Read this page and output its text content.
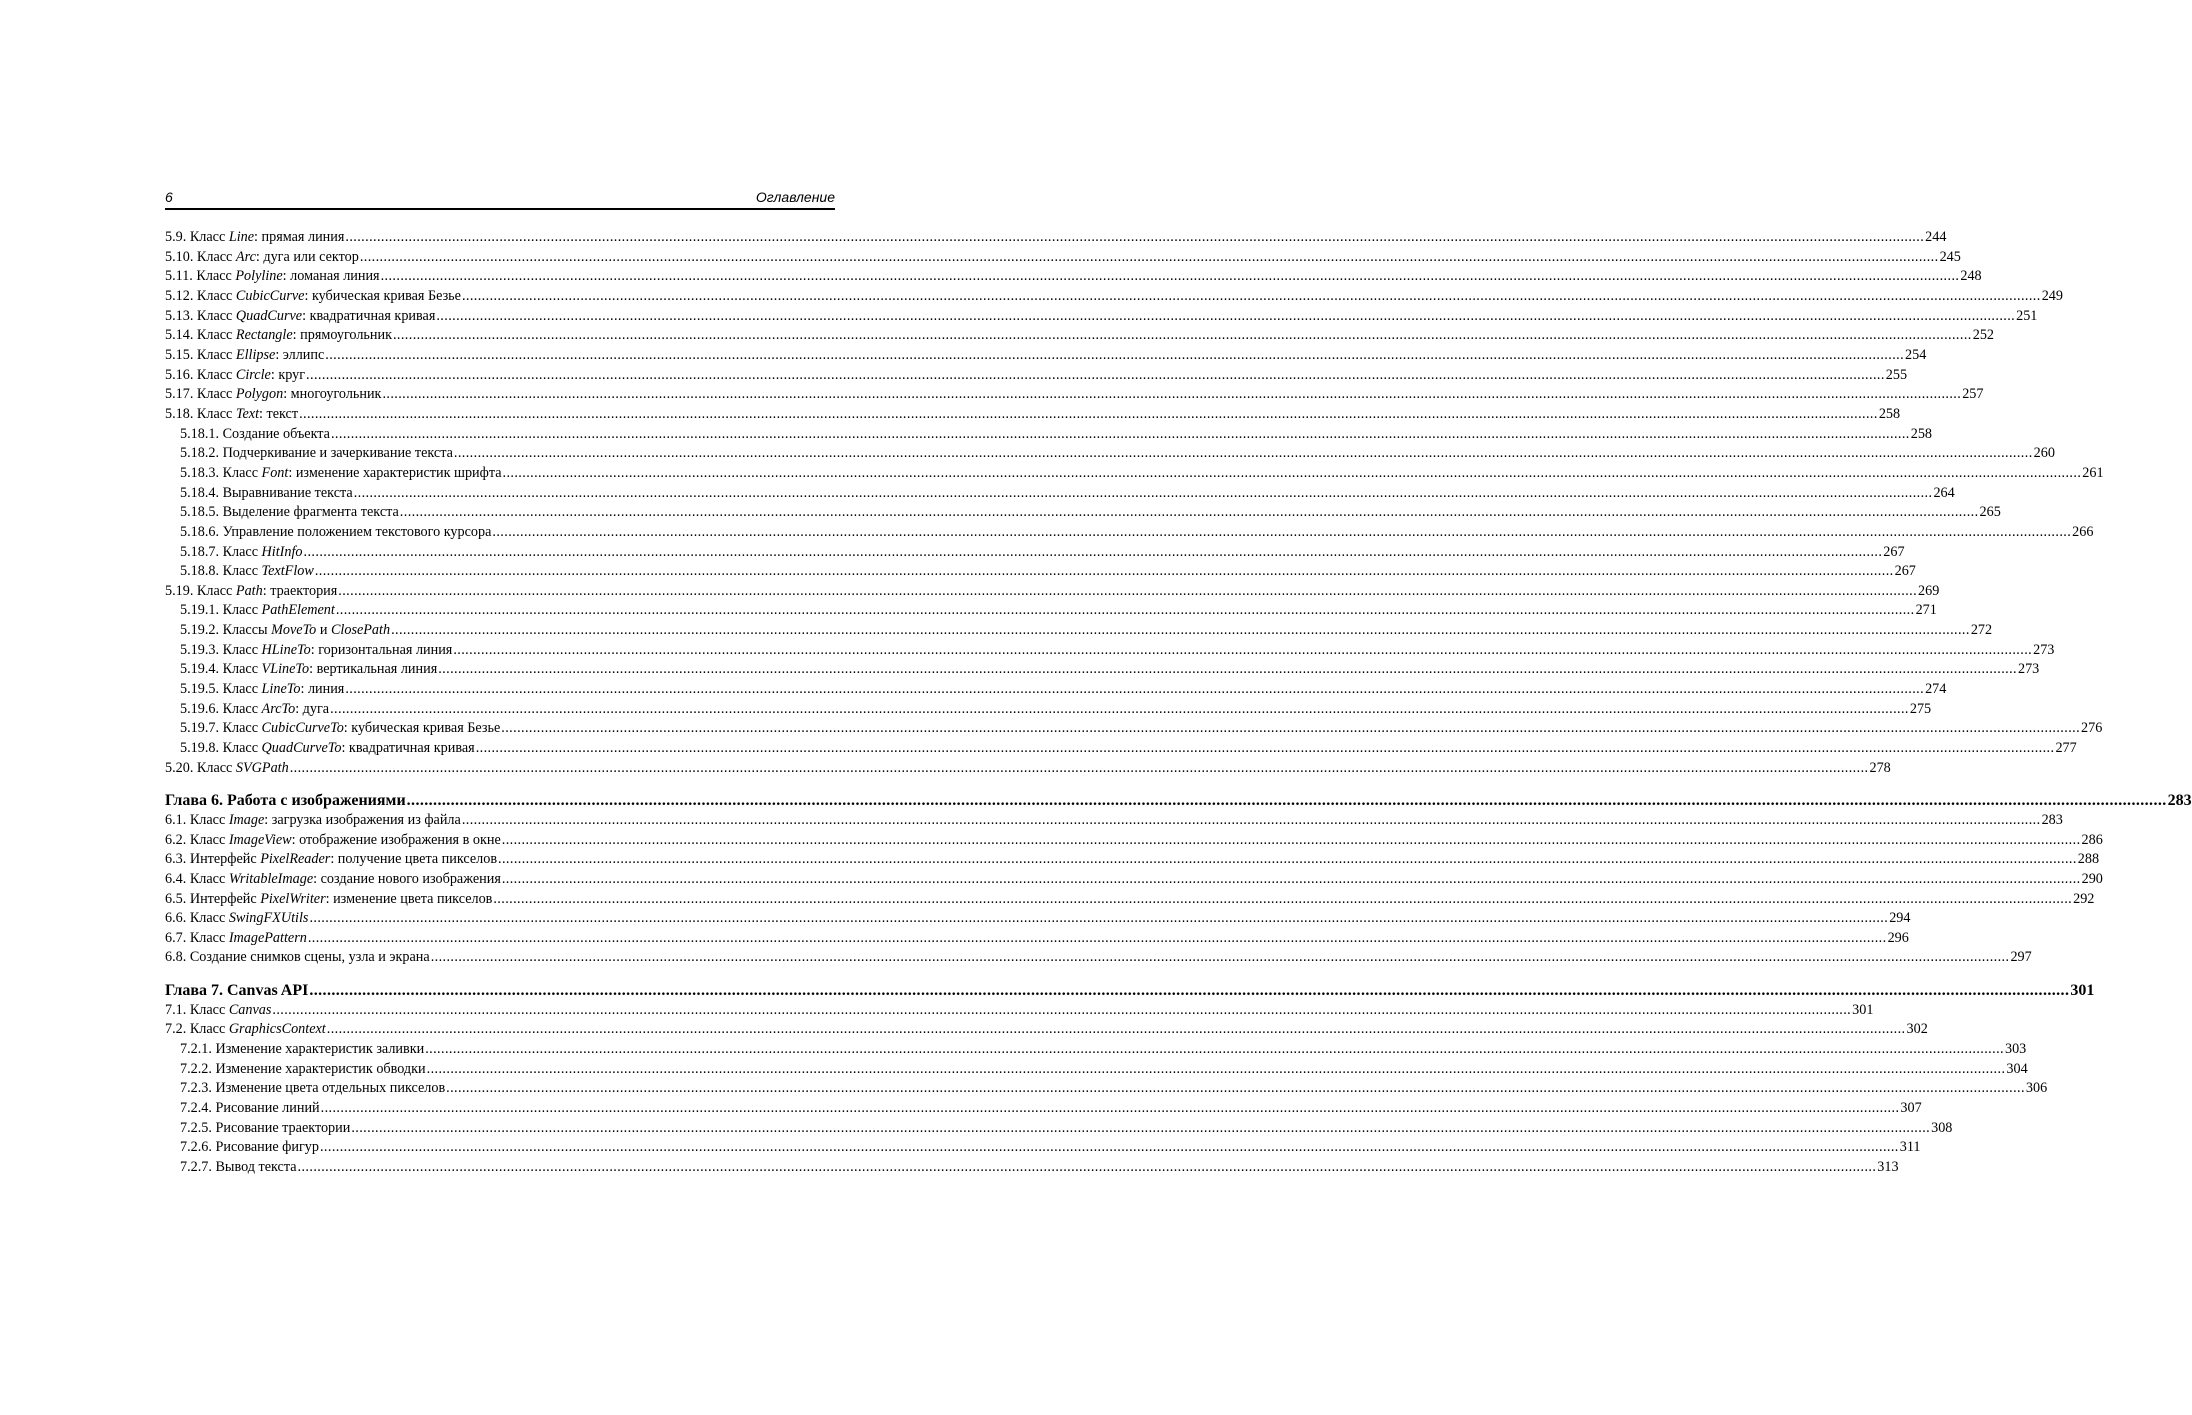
6	Оглавление
5.9. Класс Line: прямая линия ................................................................................................................................................................................................................................................................................................................................................................................................................ 244
5.10. Класс Arc: дуга или сектор ................................................................................................................................................................................................................................................................................................................................................................................................................ 245
5.11. Класс Polyline: ломаная линия ................................................................................................................................................................................................................................................................................................................................................................................................................ 248
5.12. Класс CubicCurve: кубическая кривая Безье ................................................................................................................................................................................................................................................................................................................................................................................................................ 249
5.13. Класс QuadCurve: квадратичная кривая ................................................................................................................................................................................................................................................................................................................................................................................................................ 251
5.14. Класс Rectangle: прямоугольник ................................................................................................................................................................................................................................................................................................................................................................................................................ 252
5.15. Класс Ellipse: эллипс ................................................................................................................................................................................................................................................................................................................................................................................................................ 254
5.16. Класс Circle: круг ................................................................................................................................................................................................................................................................................................................................................................................................................ 255
5.17. Класс Polygon: многоугольник ................................................................................................................................................................................................................................................................................................................................................................................................................ 257
5.18. Класс Text: текст ................................................................................................................................................................................................................................................................................................................................................................................................................ 258
5.18.1. Создание объекта ................................................................................................................................................................................................................................................................................................................................................................................................................ 258
5.18.2. Подчеркивание и зачеркивание текста ................................................................................................................................................................................................................................................................................................................................................................................................................ 260
5.18.3. Класс Font: изменение характеристик шрифта ................................................................................................................................................................................................................................................................................................................................................................................................................ 261
5.18.4. Выравнивание текста ................................................................................................................................................................................................................................................................................................................................................................................................................ 264
5.18.5. Выделение фрагмента текста ................................................................................................................................................................................................................................................................................................................................................................................................................ 265
5.18.6. Управление положением текстового курсора ................................................................................................................................................................................................................................................................................................................................................................................................................ 266
5.18.7. Класс HitInfo ................................................................................................................................................................................................................................................................................................................................................................................................................ 267
5.18.8. Класс TextFlow ................................................................................................................................................................................................................................................................................................................................................................................................................ 267
5.19. Класс Path: траектория ................................................................................................................................................................................................................................................................................................................................................................................................................ 269
5.19.1. Класс PathElement ................................................................................................................................................................................................................................................................................................................................................................................................................ 271
5.19.2. Классы MoveTo и ClosePath ................................................................................................................................................................................................................................................................................................................................................................................................................ 272
5.19.3. Класс HLineTo: горизонтальная линия ................................................................................................................................................................................................................................................................................................................................................................................................................ 273
5.19.4. Класс VLineTo: вертикальная линия ................................................................................................................................................................................................................................................................................................................................................................................................................ 273
5.19.5. Класс LineTo: линия ................................................................................................................................................................................................................................................................................................................................................................................................................ 274
5.19.6. Класс ArcTo: дуга ................................................................................................................................................................................................................................................................................................................................................................................................................ 275
5.19.7. Класс CubicCurveTo: кубическая кривая Безье ................................................................................................................................................................................................................................................................................................................................................................................................................ 276
5.19.8. Класс QuadCurveTo: квадратичная кривая ................................................................................................................................................................................................................................................................................................................................................................................................................ 277
5.20. Класс SVGPath ................................................................................................................................................................................................................................................................................................................................................................................................................ 278
Глава 6. Работа с изображениями ................................................................................................................................................................................................................................................................................................................................................................................................................ 283
6.1. Класс Image: загрузка изображения из файла ................................................................................................................................................................................................................................................................................................................................................................................................................ 283
6.2. Класс ImageView: отображение изображения в окне ................................................................................................................................................................................................................................................................................................................................................................................................................ 286
6.3. Интерфейс PixelReader: получение цвета пикселов ................................................................................................................................................................................................................................................................................................................................................................................................................ 288
6.4. Класс WritableImage: создание нового изображения ................................................................................................................................................................................................................................................................................................................................................................................................................ 290
6.5. Интерфейс PixelWriter: изменение цвета пикселов ................................................................................................................................................................................................................................................................................................................................................................................................................ 292
6.6. Класс SwingFXUtils ................................................................................................................................................................................................................................................................................................................................................................................................................ 294
6.7. Класс ImagePattern ................................................................................................................................................................................................................................................................................................................................................................................................................ 296
6.8. Создание снимков сцены, узла и экрана ................................................................................................................................................................................................................................................................................................................................................................................................................ 297
Глава 7. Canvas API ................................................................................................................................................................................................................................................................................................................................................................................................................ 301
7.1. Класс Canvas ................................................................................................................................................................................................................................................................................................................................................................................................................ 301
7.2. Класс GraphicsContext ................................................................................................................................................................................................................................................................................................................................................................................................................ 302
7.2.1. Изменение характеристик заливки ................................................................................................................................................................................................................................................................................................................................................................................................................ 303
7.2.2. Изменение характеристик обводки ................................................................................................................................................................................................................................................................................................................................................................................................................ 304
7.2.3. Изменение цвета отдельных пикселов ................................................................................................................................................................................................................................................................................................................................................................................................................ 306
7.2.4. Рисование линий ................................................................................................................................................................................................................................................................................................................................................................................................................ 307
7.2.5. Рисование траектории ................................................................................................................................................................................................................................................................................................................................................................................................................ 308
7.2.6. Рисование фигур ................................................................................................................................................................................................................................................................................................................................................................................................................ 311
7.2.7. Вывод текста ................................................................................................................................................................................................................................................................................................................................................................................................................ 313
